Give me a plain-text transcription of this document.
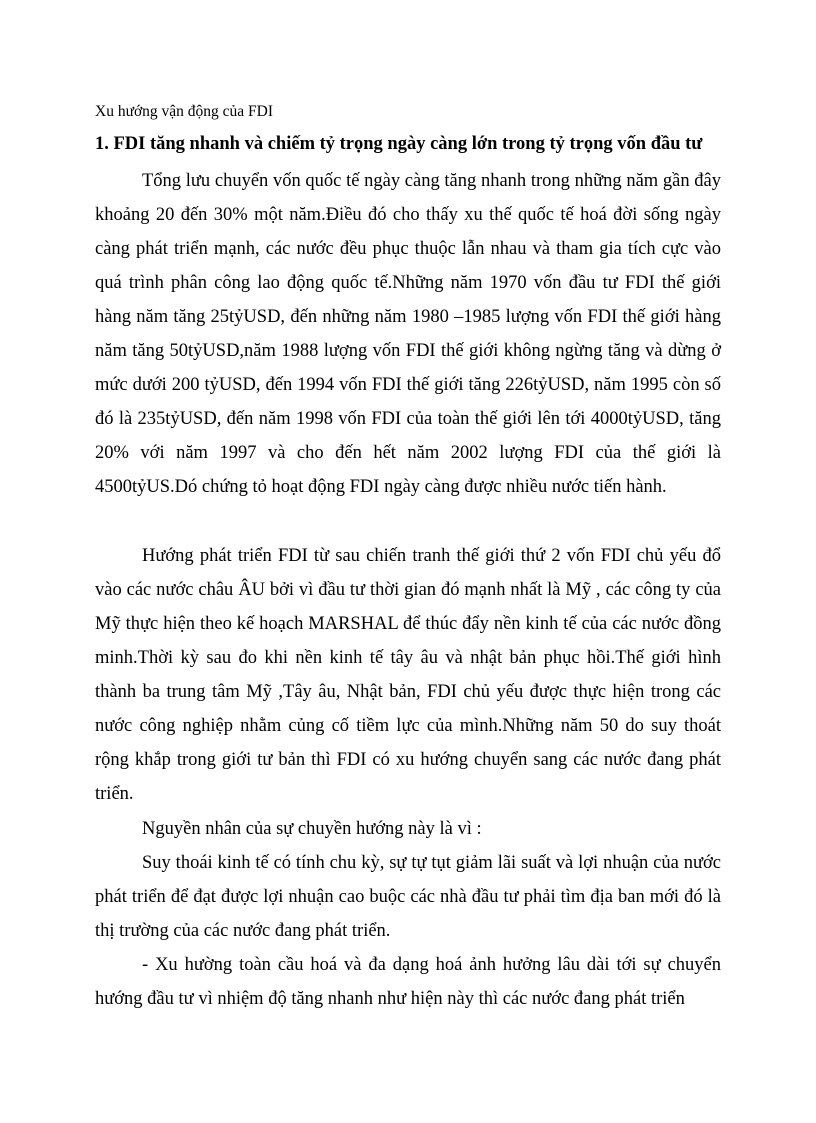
Xu hướng vận động của FDI
1. FDI tăng nhanh và chiếm tỷ trọng ngày càng lớn trong tỷ trọng vốn đầu tư

Tổng lưu chuyển vốn quốc tế ngày càng tăng nhanh trong những năm gần đây khoảng 20 đến 30% một năm.Điều đó cho thấy xu thế quốc tế hoá đời sống ngày càng phát triển mạnh, các nước đều phục thuộc lẫn nhau và tham gia tích cực vào quá trình phân công lao động quốc tế.Những năm 1970 vốn đầu tư FDI thế giới hàng năm tăng 25tỷUSD, đến những năm 1980 –1985 lượng vốn FDI thế giới hàng năm tăng 50tỷUSD,năm 1988 lượng vốn FDI thế giới không ngừng tăng và dừng ở mức dưới 200 tỷUSD, đến 1994 vốn FDI thế giới tăng 226tỷUSD, năm 1995 còn số đó là 235tỷUSD, đến năm 1998 vốn FDI của toàn thế giới lên tới 4000tỷUSD, tăng 20% với năm 1997 và cho đến hết năm 2002 lượng FDI của thế giới là 4500tỷUS.Dó chứng tỏ hoạt động FDI ngày càng được nhiều nước tiến hành.

Hướng phát triển FDI từ sau chiến tranh thế giới thứ 2 vốn FDI chủ yếu đổ vào các nước châu ÂU bởi vì đầu tư thời gian đó mạnh nhất là Mỹ , các công ty của Mỹ thực hiện theo kế hoạch MARSHAL để thúc đẩy nền kinh tế của các nước đồng minh.Thời kỳ sau đo khi nền kinh tế tây âu và nhật bản phục hồi.Thế giới hình thành ba trung tâm Mỹ ,Tây âu, Nhật bản, FDI chủ yếu được thực hiện trong các nước công nghiệp nhằm củng cố tiềm lực của mình.Những năm 50 do suy thoát rộng khắp trong giới tư bản thì FDI có xu hướng chuyển sang các nước đang phát triển.

Nguyền nhân của sự chuyền hướng này là vì :

Suy thoái kinh tế có tính chu kỳ, sự tự tụt giảm lãi suất và lợi nhuận của nước phát triển để đạt được lợi nhuận cao buộc các nhà đầu tư phải tìm địa ban mới đó là thị trường của các nước đang phát triển.

- Xu hường toàn cầu hoá và đa dạng hoá ảnh hưởng lâu dài tới sự chuyển hướng đầu tư vì nhiệm độ tăng nhanh như hiện này thì các nước đang phát triển
